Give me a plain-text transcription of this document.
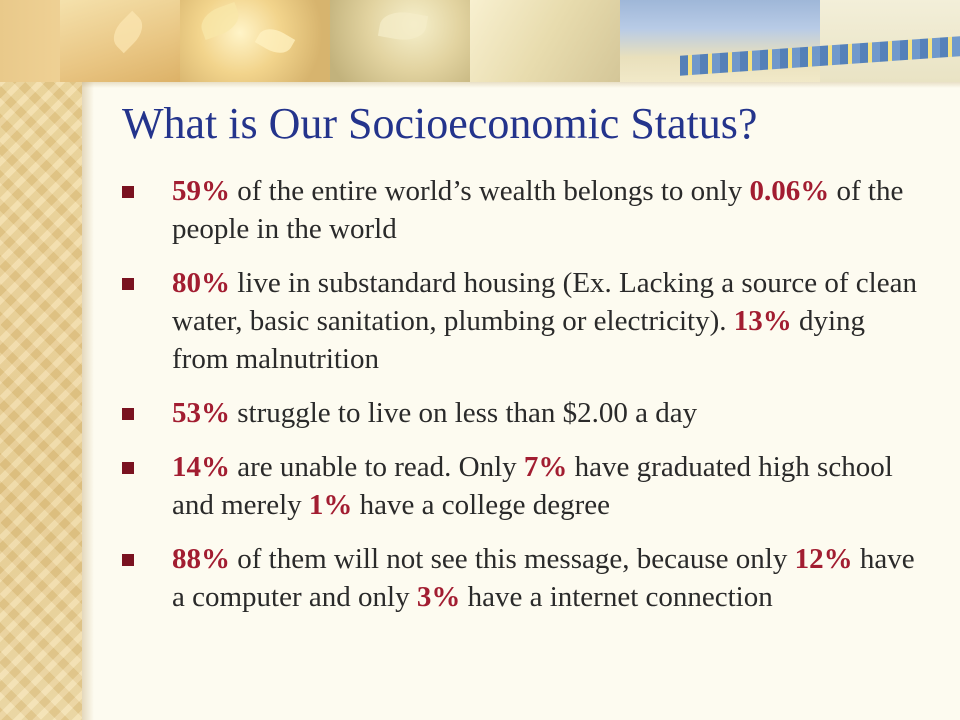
What is Our Socioeconomic Status?
59% of the entire world’s wealth belongs to only 0.06% of the people in the world
80% live in substandard housing (Ex. Lacking a source of clean water, basic sanitation, plumbing or electricity). 13% dying from malnutrition
53% struggle to live on less than $2.00 a day
14% are unable to read. Only 7% have graduated high school and merely 1% have a college degree
88% of them will not see this message, because only 12% have a computer and only 3% have a internet connection
